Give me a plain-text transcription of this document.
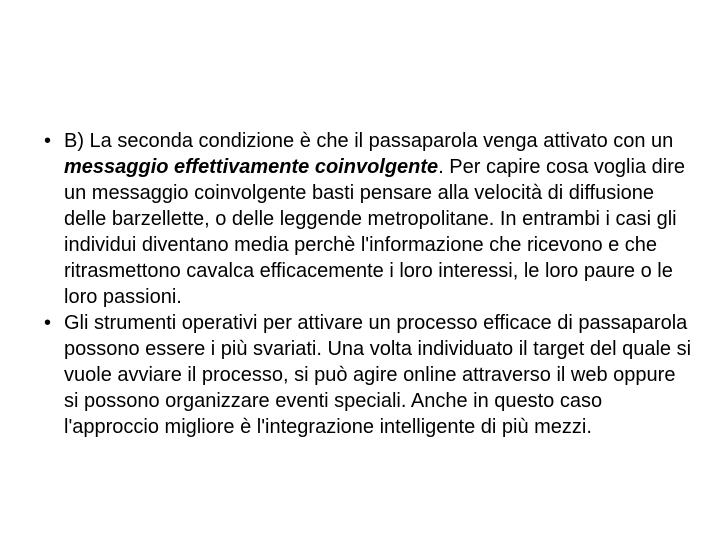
• B) La seconda condizione è che il passaparola venga attivato con un messaggio effettivamente coinvolgente. Per capire cosa voglia dire un messaggio coinvolgente basti pensare alla velocità di diffusione delle barzellette, o delle leggende metropolitane. In entrambi i casi gli individui diventano media perchè l'informazione che ricevono e che ritrasmettono cavalca efficacemente i loro interessi, le loro paure o le loro passioni.
• Gli strumenti operativi per attivare un processo efficace di passaparola possono essere i più svariati. Una volta individuato il target del quale si vuole avviare il processo, si può agire online attraverso il web oppure si possono organizzare eventi speciali. Anche in questo caso l'approccio migliore è l'integrazione intelligente di più mezzi.
